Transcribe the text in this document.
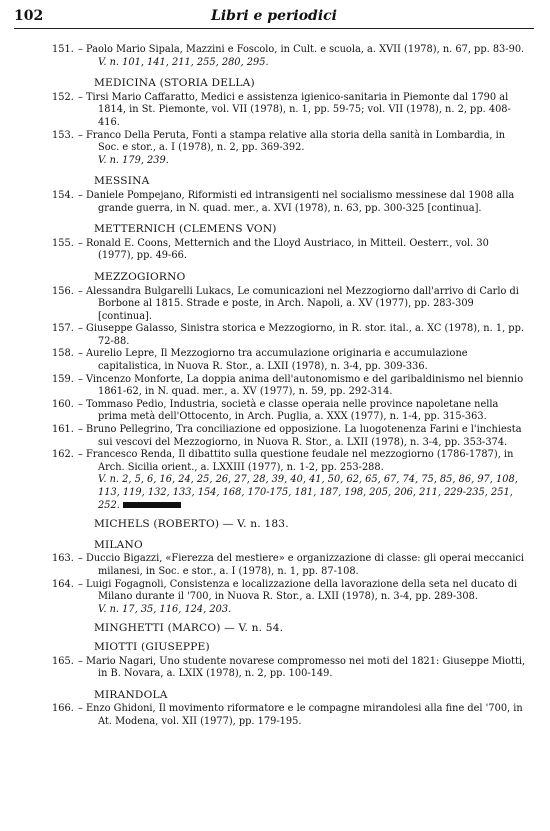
102	Libri e periodici
151. – Paolo Mario Sipala, Mazzini e Foscolo, in Cult. e scuola, a. XVII (1978), n. 67, pp. 83-90.
V. n. 101, 141, 211, 255, 280, 295.
MEDICINA (STORIA DELLA)
152. – Tirsi Mario Caffaratto, Medici e assistenza igienico-sanitaria in Piemonte dal 1790 al 1814, in St. Piemonte, vol. VII (1978), n. 1, pp. 59-75; vol. VII (1978), n. 2, pp. 408-416.
153. – Franco Della Peruta, Fonti a stampa relative alla storia della sanità in Lombardia, in Soc. e stor., a. I (1978), n. 2, pp. 369-392.
V. n. 179, 239.
MESSINA
154. – Daniele Pompejano, Riformisti ed intransigenti nel socialismo messinese dal 1908 alla grande guerra, in N. quad. mer., a. XVI (1978), n. 63, pp. 300-325 [continua].
METTERNICH (CLEMENS VON)
155. – Ronald E. Coons, Metternich and the Lloyd Austriaco, in Mitteil. Oesterr., vol. 30 (1977), pp. 49-66.
MEZZOGIORNO
156. – Alessandra Bulgarelli Lukacs, Le comunicazioni nel Mezzogiorno dall'arrivo di Carlo di Borbone al 1815. Strade e poste, in Arch. Napoli, a. XV (1977), pp. 283-309 [continua].
157. – Giuseppe Galasso, Sinistra storica e Mezzogiorno, in R. stor. ital., a. XC (1978), n. 1, pp. 72-88.
158. – Aurelio Lepre, Il Mezzogiorno tra accumulazione originaria e accumulazione capitalistica, in Nuova R. Stor., a. LXII (1978), n. 3-4, pp. 309-336.
159. – Vincenzo Monforte, La doppia anima dell'autonomismo e del garibaldinismo nel biennio 1861-62, in N. quad. mer., a. XV (1977), n. 59, pp. 292-314.
160. – Tommaso Pedio, Industria, società e classe operaia nelle province napoletane nella prima metà dell'Ottocento, in Arch. Puglia, a. XXX (1977), n. 1-4, pp. 315-363.
161. – Bruno Pellegrino, Tra conciliazione ed opposizione. La luogotenenza Farini e l'inchiesta sui vescovi del Mezzogiorno, in Nuova R. Stor., a. LXII (1978), n. 3-4, pp. 353-374.
162. – Francesco Renda, Il dibattito sulla questione feudale nel mezzogiorno (1786-1787), in Arch. Sicilia orient., a. LXXIII (1977), n. 1-2, pp. 253-288.
V. n. 2, 5, 6, 16, 24, 25, 26, 27, 28, 39, 40, 41, 50, 62, 65, 67, 74, 75, 85, 86, 97, 108, 113, 119, 132, 133, 154, 168, 170-175, 181, 187, 198, 205, 206, 211, 229-235, 251, 252.
MICHELS (ROBERTO) — V. n. 183.
MILANO
163. – Duccio Bigazzi, «Fierezza del mestiere» e organizzazione di classe: gli operai meccanici milanesi, in Soc. e stor., a. I (1978), n. 1, pp. 87-108.
164. – Luigi Fogagnoli, Consistenza e localizzazione della lavorazione della seta nel ducato di Milano durante il '700, in Nuova R. Stor., a. LXII (1978), n. 3-4, pp. 289-308.
V. n. 17, 35, 116, 124, 203.
MINGHETTI (MARCO) — V. n. 54.
MIOTTI (GIUSEPPE)
165. – Mario Nagari, Uno studente novarese compromesso nei moti del 1821: Giuseppe Miotti, in B. Novara, a. LXIX (1978), n. 2, pp. 100-149.
MIRANDOLA
166. – Enzo Ghidoni, Il movimento riformatore e le compagne mirandolesi alla fine del '700, in At. Modena, vol. XII (1977), pp. 179-195.
